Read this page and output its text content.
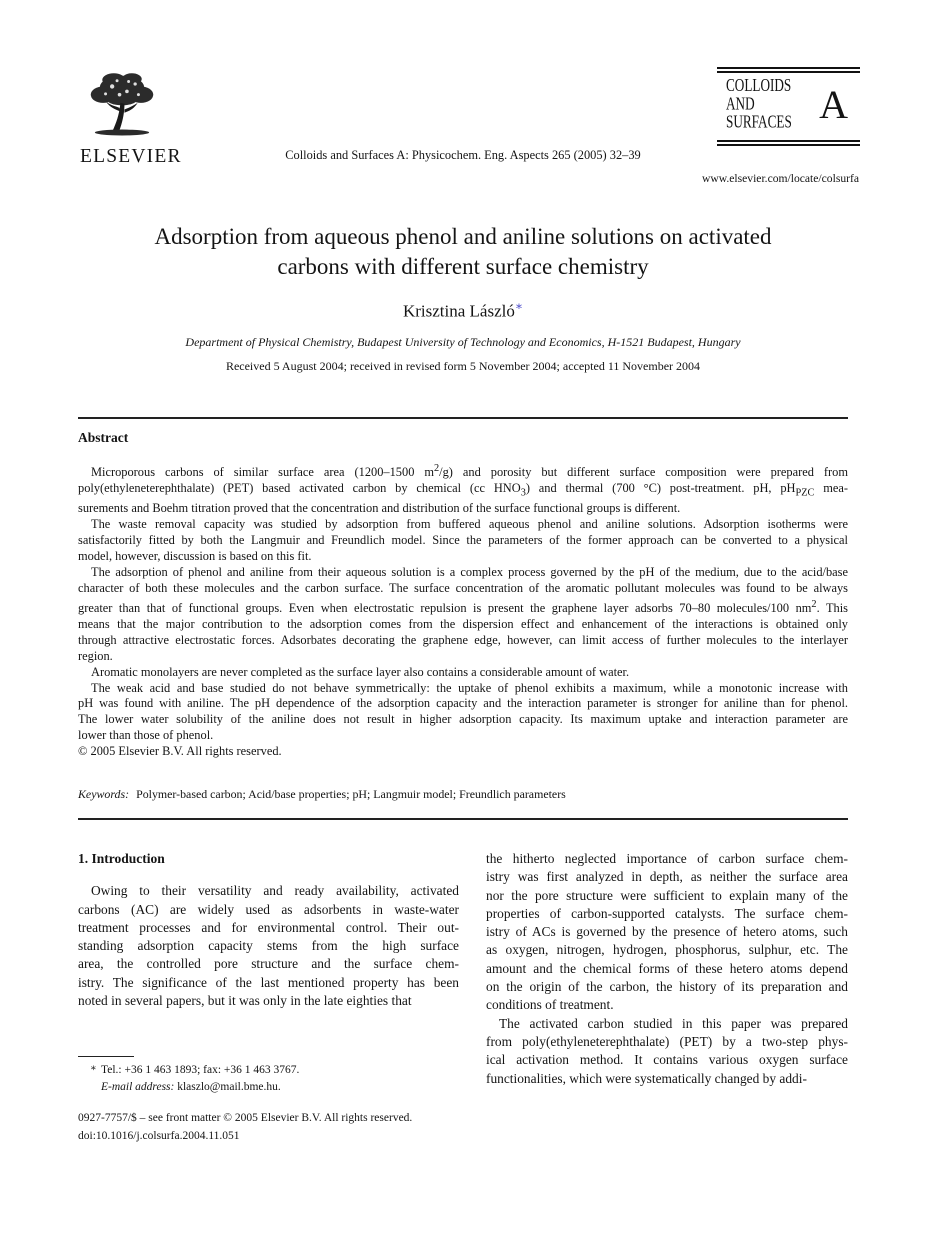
ELSEVIER	Colloids and Surfaces A: Physicochem. Eng. Aspects 265 (2005) 32–39
COLLOIDS
AND
SURFACES A
www.elsevier.com/locate/colsurfa
Adsorption from aqueous phenol and aniline solutions on activated
carbons with different surface chemistry
Krisztina László∗
Department of Physical Chemistry, Budapest University of Technology and Economics, H-1521 Budapest, Hungary
Received 5 August 2004; received in revised form 5 November 2004; accepted 11 November 2004
Abstract
Microporous carbons of similar surface area (1200–1500 $m^2/g$) and porosity but different surface composition were prepared from
poly(ethyleneterephthalate) (PET) based activated carbon by chemical (cc $HNO_3$) and thermal (700 °C) post-treatment. pH, $pH_{PZC}$ mea-
surements and Boehm titration proved that the concentration and distribution of the surface functional groups is different.
The waste removal capacity was studied by adsorption from buffered aqueous phenol and aniline solutions. Adsorption isotherms were
satisfactorily fitted by both the Langmuir and Freundlich model. Since the parameters of the former approach can be converted to a physical
model, however, discussion is based on this fit.
The adsorption of phenol and aniline from their aqueous solution is a complex process governed by the pH of the medium, due to the acid/base
character of both these molecules and the carbon surface. The surface concentration of the aromatic pollutant molecules was found to be always
greater than that of functional groups. Even when electrostatic repulsion is present the graphene layer adsorbs 70–80 molecules/100 $nm^2$. This
means that the major contribution to the adsorption comes from the dispersion effect and enhancement of the interactions is obtained only
through attractive electrostatic forces. Adsorbates decorating the graphene edge, however, can limit access of further molecules to the interlayer
region.
Aromatic monolayers are never completed as the surface layer also contains a considerable amount of water.
The weak acid and base studied do not behave symmetrically: the uptake of phenol exhibits a maximum, while a monotonic increase with
pH was found with aniline. The pH dependence of the adsorption capacity and the interaction parameter is stronger for aniline than for phenol.
The lower water solubility of the aniline does not result in higher adsorption capacity. Its maximum uptake and interaction parameter are
lower than those of phenol.
© 2005 Elsevier B.V. All rights reserved.
Keywords: Polymer-based carbon; Acid/base properties; pH; Langmuir model; Freundlich parameters
1. Introduction
Owing to their versatility and ready availability, activated
carbons (AC) are widely used as adsorbents in waste-water
treatment processes and for environmental control. Their out-
standing adsorption capacity stems from the high surface
area, the controlled pore structure and the surface chem-
istry. The significance of the last mentioned property has been
noted in several papers, but it was only in the late eighties that
the hitherto neglected importance of carbon surface chem-
istry was first analyzed in depth, as neither the surface area
nor the pore structure were sufficient to explain many of the
properties of carbon-supported catalysts. The surface chem-
istry of ACs is governed by the presence of hetero atoms, such
as oxygen, nitrogen, hydrogen, phosphorus, sulphur, etc. The
amount and the chemical forms of these hetero atoms depend
on the origin of the carbon, the history of its preparation and
conditions of treatment.
The activated carbon studied in this paper was prepared
from poly(ethyleneterephthalate) (PET) by a two-step phys-
ical activation method. It contains various oxygen surface
functionalities, which were systematically changed by addi-
∗ Tel.: +36 1 463 1893; fax: +36 1 463 3767.
E-mail address: klaszlo@mail.bme.hu.
0927-7757/$ – see front matter © 2005 Elsevier B.V. All rights reserved.
doi:10.1016/j.colsurfa.2004.11.051
